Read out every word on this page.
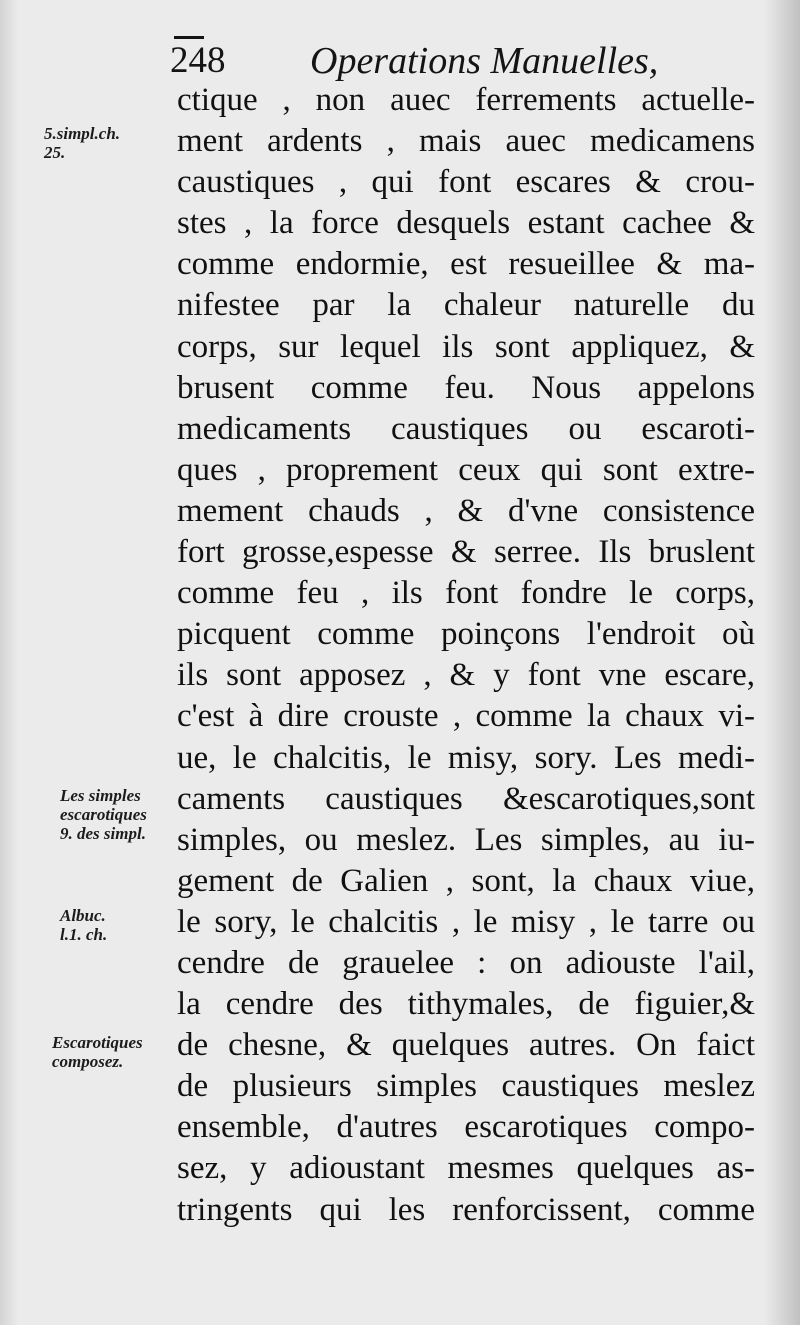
248 Operations Manuelles,
ctique , non auec ferrements actuelle-
ment ardents , mais auec medicamens
caustiques , qui font escares & crou-
stes , la force desquels estant cachee &
comme endormie, est resueillee & ma-
nifestee par la chaleur naturelle du
corps, sur lequel ils sont appliquez, &
brusent comme feu. Nous appelons
medicaments caustiques ou escaroti-
ques , proprement ceux qui sont extre-
mement chauds , & d'vne consistence
fort grosse,espesse & serree. Ils bruslent
comme feu , ils font fondre le corps,
picquent comme poinçons l'endroit où
ils sont apposez , & y font vne escare,
c'est à dire crouste , comme la chaux vi-
ue, le chalcitis, le misy, sory. Les medi-
caments caustiques &escarotiques,sont
simples, ou meslez. Les simples, au iu-
gement de Galien , sont, la chaux viue,
le sory, le chalcitis , le misy , le tarre ou
cendre de grauelee : on adiouste l'ail,
la cendre des tithymales, de figuier,&
de chesne, & quelques autres. On faict
de plusieurs simples caustiques meslez
ensemble, d'autres escarotiques compo-
sez, y adioustant mesmes quelques as-
tringents qui les renforcissent, comme
5.simpl.ch.
25.
Les simples
escarotiques
9. des simpl.
Albuc.
l.1. ch.
Escarotiques
composez.
